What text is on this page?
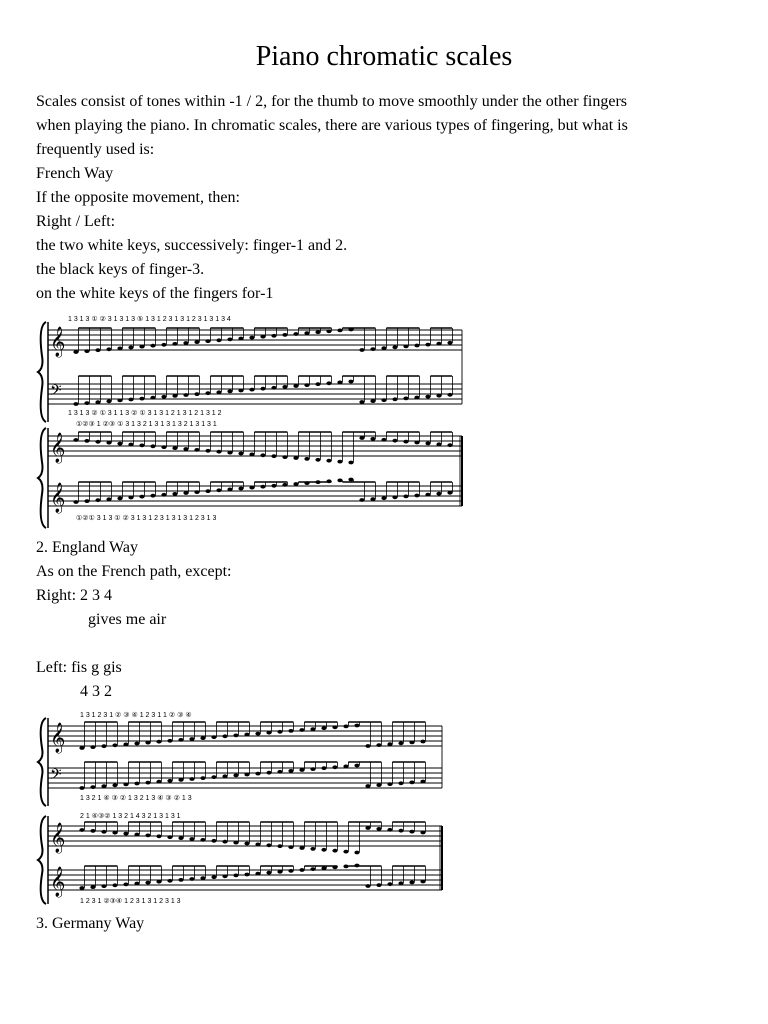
Piano chromatic scales
Scales consist of tones within -1 / 2, for the thumb to move smoothly under the other fingers
when playing the piano. In chromatic scales, there are various types of fingering, but what is
frequently used is:
French Way
If the opposite movement, then:
Right / Left:
the two white keys, successively: finger-1 and 2.
the black keys of finger-3.
on the white keys of the fingers for-1
𝄞
𝄢
1 3 1 3 ① ② 3 1 3 1 3 ⑤ 1 3 1 2 3 1 3 1 2 3 1 3 1 3 4
1 3 1 3 ② ① 3 1 1 3 ② ① 3 1 3 1 2 1 3 1 2 1 3 1 2
𝄞
𝄞
①②③ 1 ②③ ① 3 1 3 2 1 3 1 3 1 3 2 1 3 1 3 1
①②① 3 1 3 ① ② 3 1 3 1 2 3 1 3 1 3 1 2 3 1 3
2. England Way
As on the French path, except:
Right: 2 3 4
gives me air
Left: fis g gis
4 3 2
𝄞
𝄢
1 3 1 2 3 1 ② ③ ④ 1 2 3 1 1 ② ③ ④
1 3 2 1 ④ ③ ② 1 3 2 1 3 ④ ③ ② 1 3
𝄞
𝄞
2 1 ④③② 1 3 2 1 4 3 2 1 3 1 3 1
1 2 3 1 ②③④ 1 2 3 1 3 1 2 3 1 3
3. Germany Way
